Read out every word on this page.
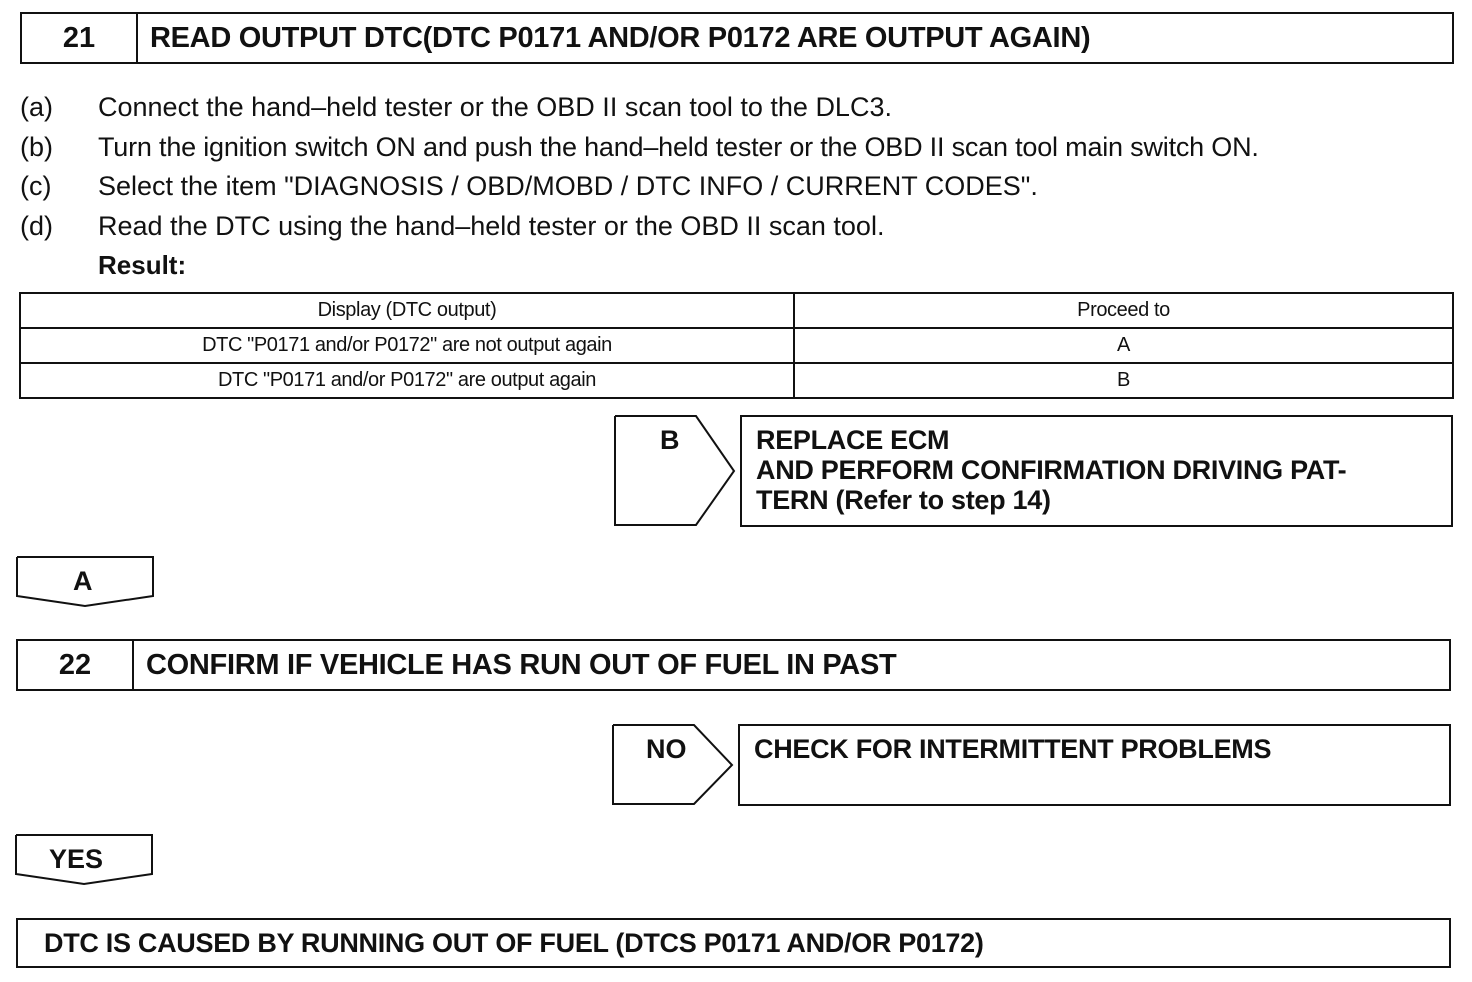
21	READ OUTPUT DTC(DTC P0171 AND/OR P0172 ARE OUTPUT AGAIN)
(a)	Connect the hand–held tester or the OBD II scan tool to the DLC3.
(b)	Turn the ignition switch ON and push the hand–held tester or the OBD II scan tool main switch ON.
(c)	Select the item "DIAGNOSIS / OBD/MOBD / DTC INFO / CURRENT CODES".
(d)	Read the DTC using the hand–held tester or the OBD II scan tool.
Result:
Display (DTC output)	Proceed to
DTC "P0171 and/or P0172" are not output again	A
DTC "P0171 and/or P0172" are output again	B
B	REPLACE ECM
AND PERFORM CONFIRMATION DRIVING PAT-
TERN (Refer to step 14)
A
22	CONFIRM IF VEHICLE HAS RUN OUT OF FUEL IN PAST
NO	CHECK FOR INTERMITTENT PROBLEMS
YES
DTC IS CAUSED BY RUNNING OUT OF FUEL (DTCS P0171 AND/OR P0172)
